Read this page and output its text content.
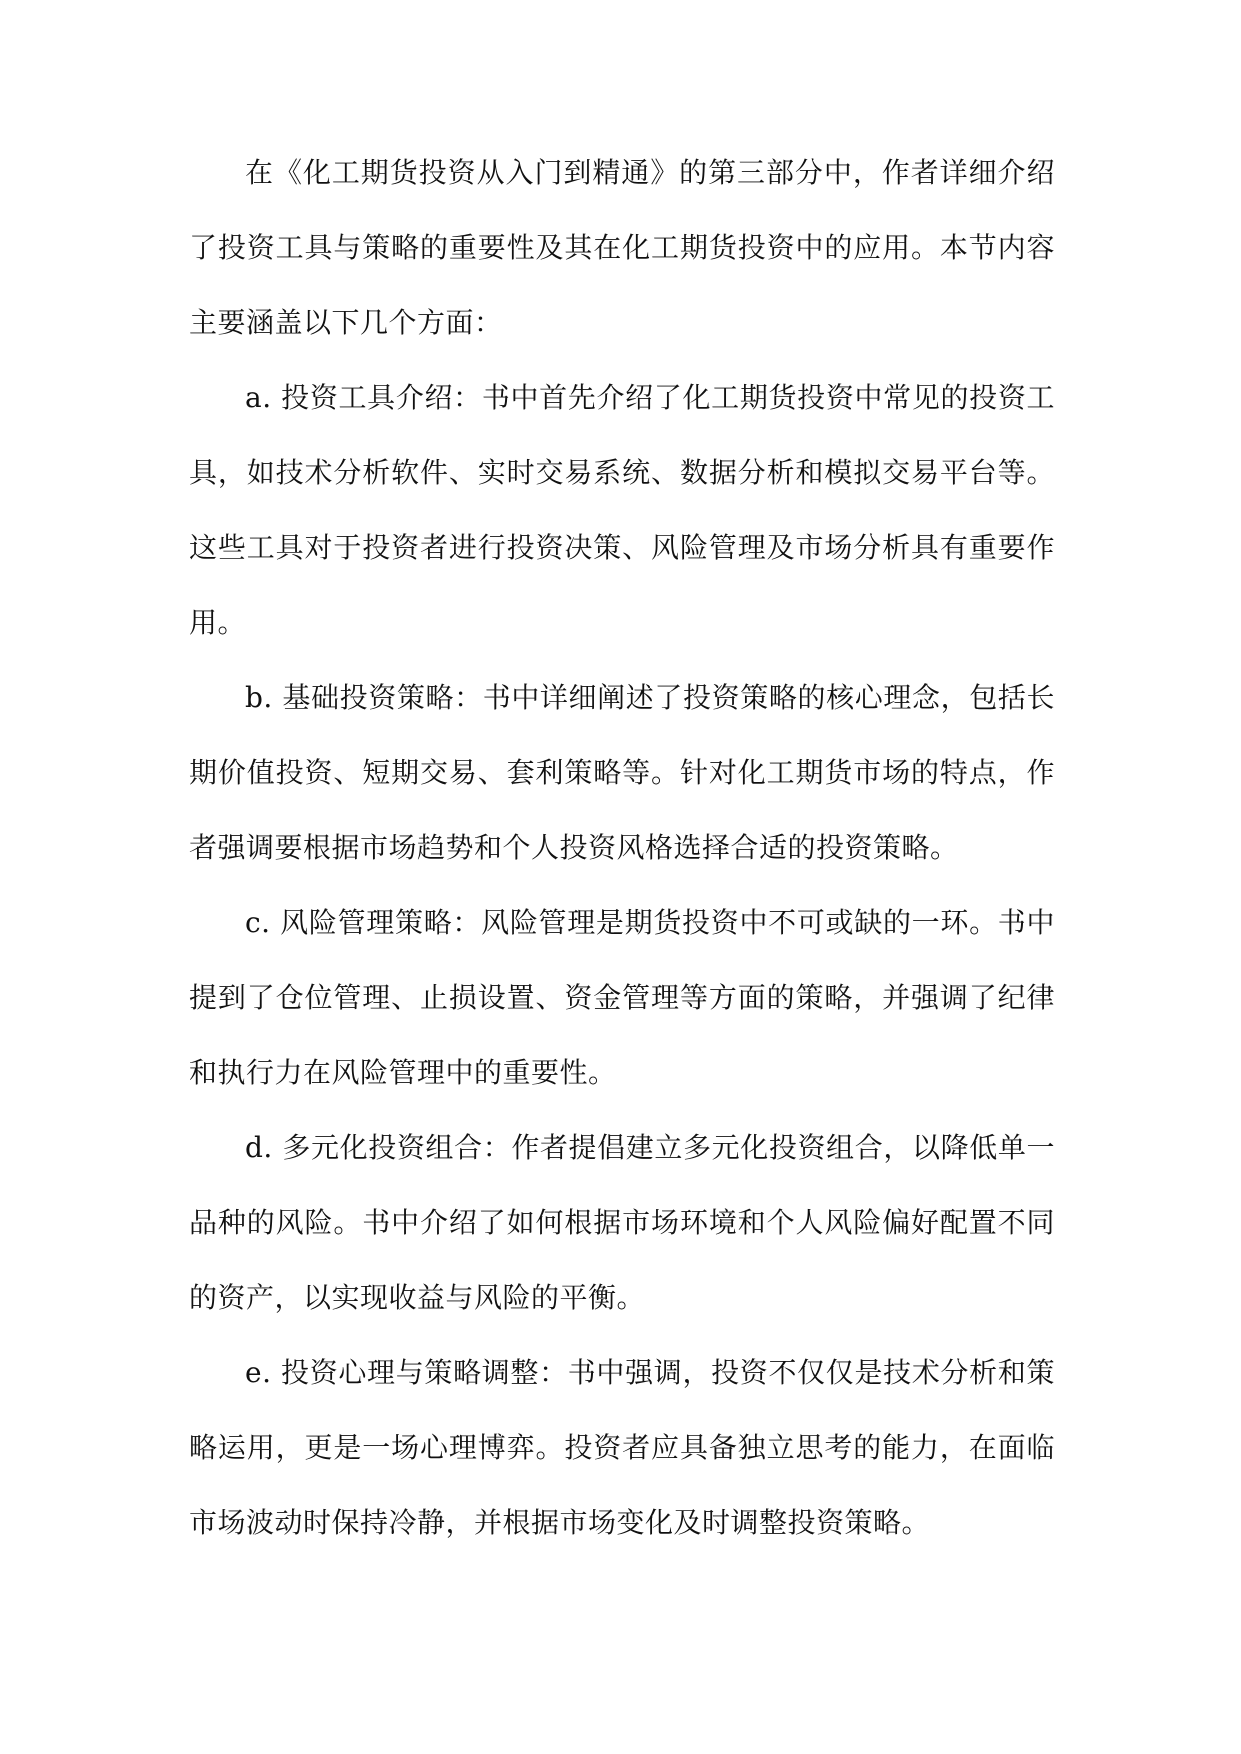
在《化工期货投资从入门到精通》的第三部分中，作者详细介绍了投资工具与策略的重要性及其在化工期货投资中的应用。本节内容主要涵盖以下几个方面：

a. 投资工具介绍：书中首先介绍了化工期货投资中常见的投资工具，如技术分析软件、实时交易系统、数据分析和模拟交易平台等。这些工具对于投资者进行投资决策、风险管理及市场分析具有重要作用。

b. 基础投资策略：书中详细阐述了投资策略的核心理念，包括长期价值投资、短期交易、套利策略等。针对化工期货市场的特点，作者强调要根据市场趋势和个人投资风格选择合适的投资策略。

c. 风险管理策略：风险管理是期货投资中不可或缺的一环。书中提到了仓位管理、止损设置、资金管理等方面的策略，并强调了纪律和执行力在风险管理中的重要性。

d. 多元化投资组合：作者提倡建立多元化投资组合，以降低单一品种的风险。书中介绍了如何根据市场环境和个人风险偏好配置不同的资产，以实现收益与风险的平衡。

e. 投资心理与策略调整：书中强调，投资不仅仅是技术分析和策略运用，更是一场心理博弈。投资者应具备独立思考的能力，在面临市场波动时保持冷静，并根据市场变化及时调整投资策略。
